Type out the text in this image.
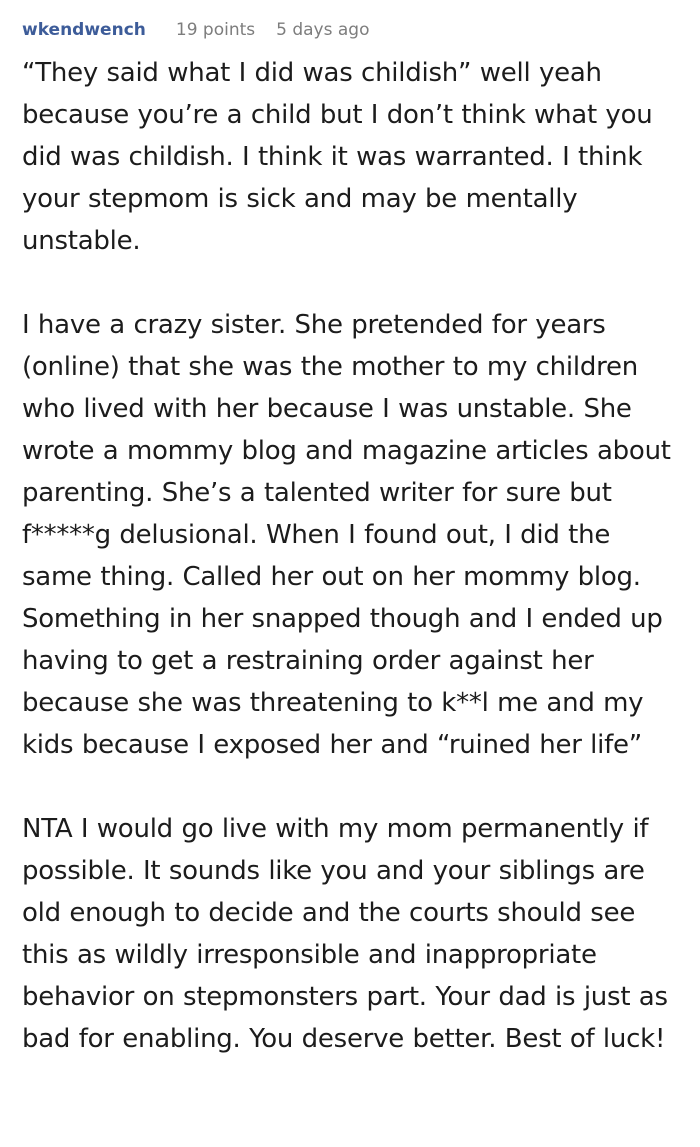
wkendwench 19 points 5 days ago

“They said what I did was childish” well yeah because you’re a child but I don’t think what you did was childish. I think it was warranted. I think your stepmom is sick and may be mentally unstable.

I have a crazy sister. She pretended for years (online) that she was the mother to my children who lived with her because I was unstable. She wrote a mommy blog and magazine articles about parenting. She’s a talented writer for sure but f*****g delusional. When I found out, I did the same thing. Called her out on her mommy blog. Something in her snapped though and I ended up having to get a restraining order against her because she was threatening to k**l me and my kids because I exposed her and “ruined her life”

NTA I would go live with my mom permanently if possible. It sounds like you and your siblings are old enough to decide and the courts should see this as wildly irresponsible and inappropriate behavior on stepmonsters part. Your dad is just as bad for enabling. You deserve better. Best of luck!
